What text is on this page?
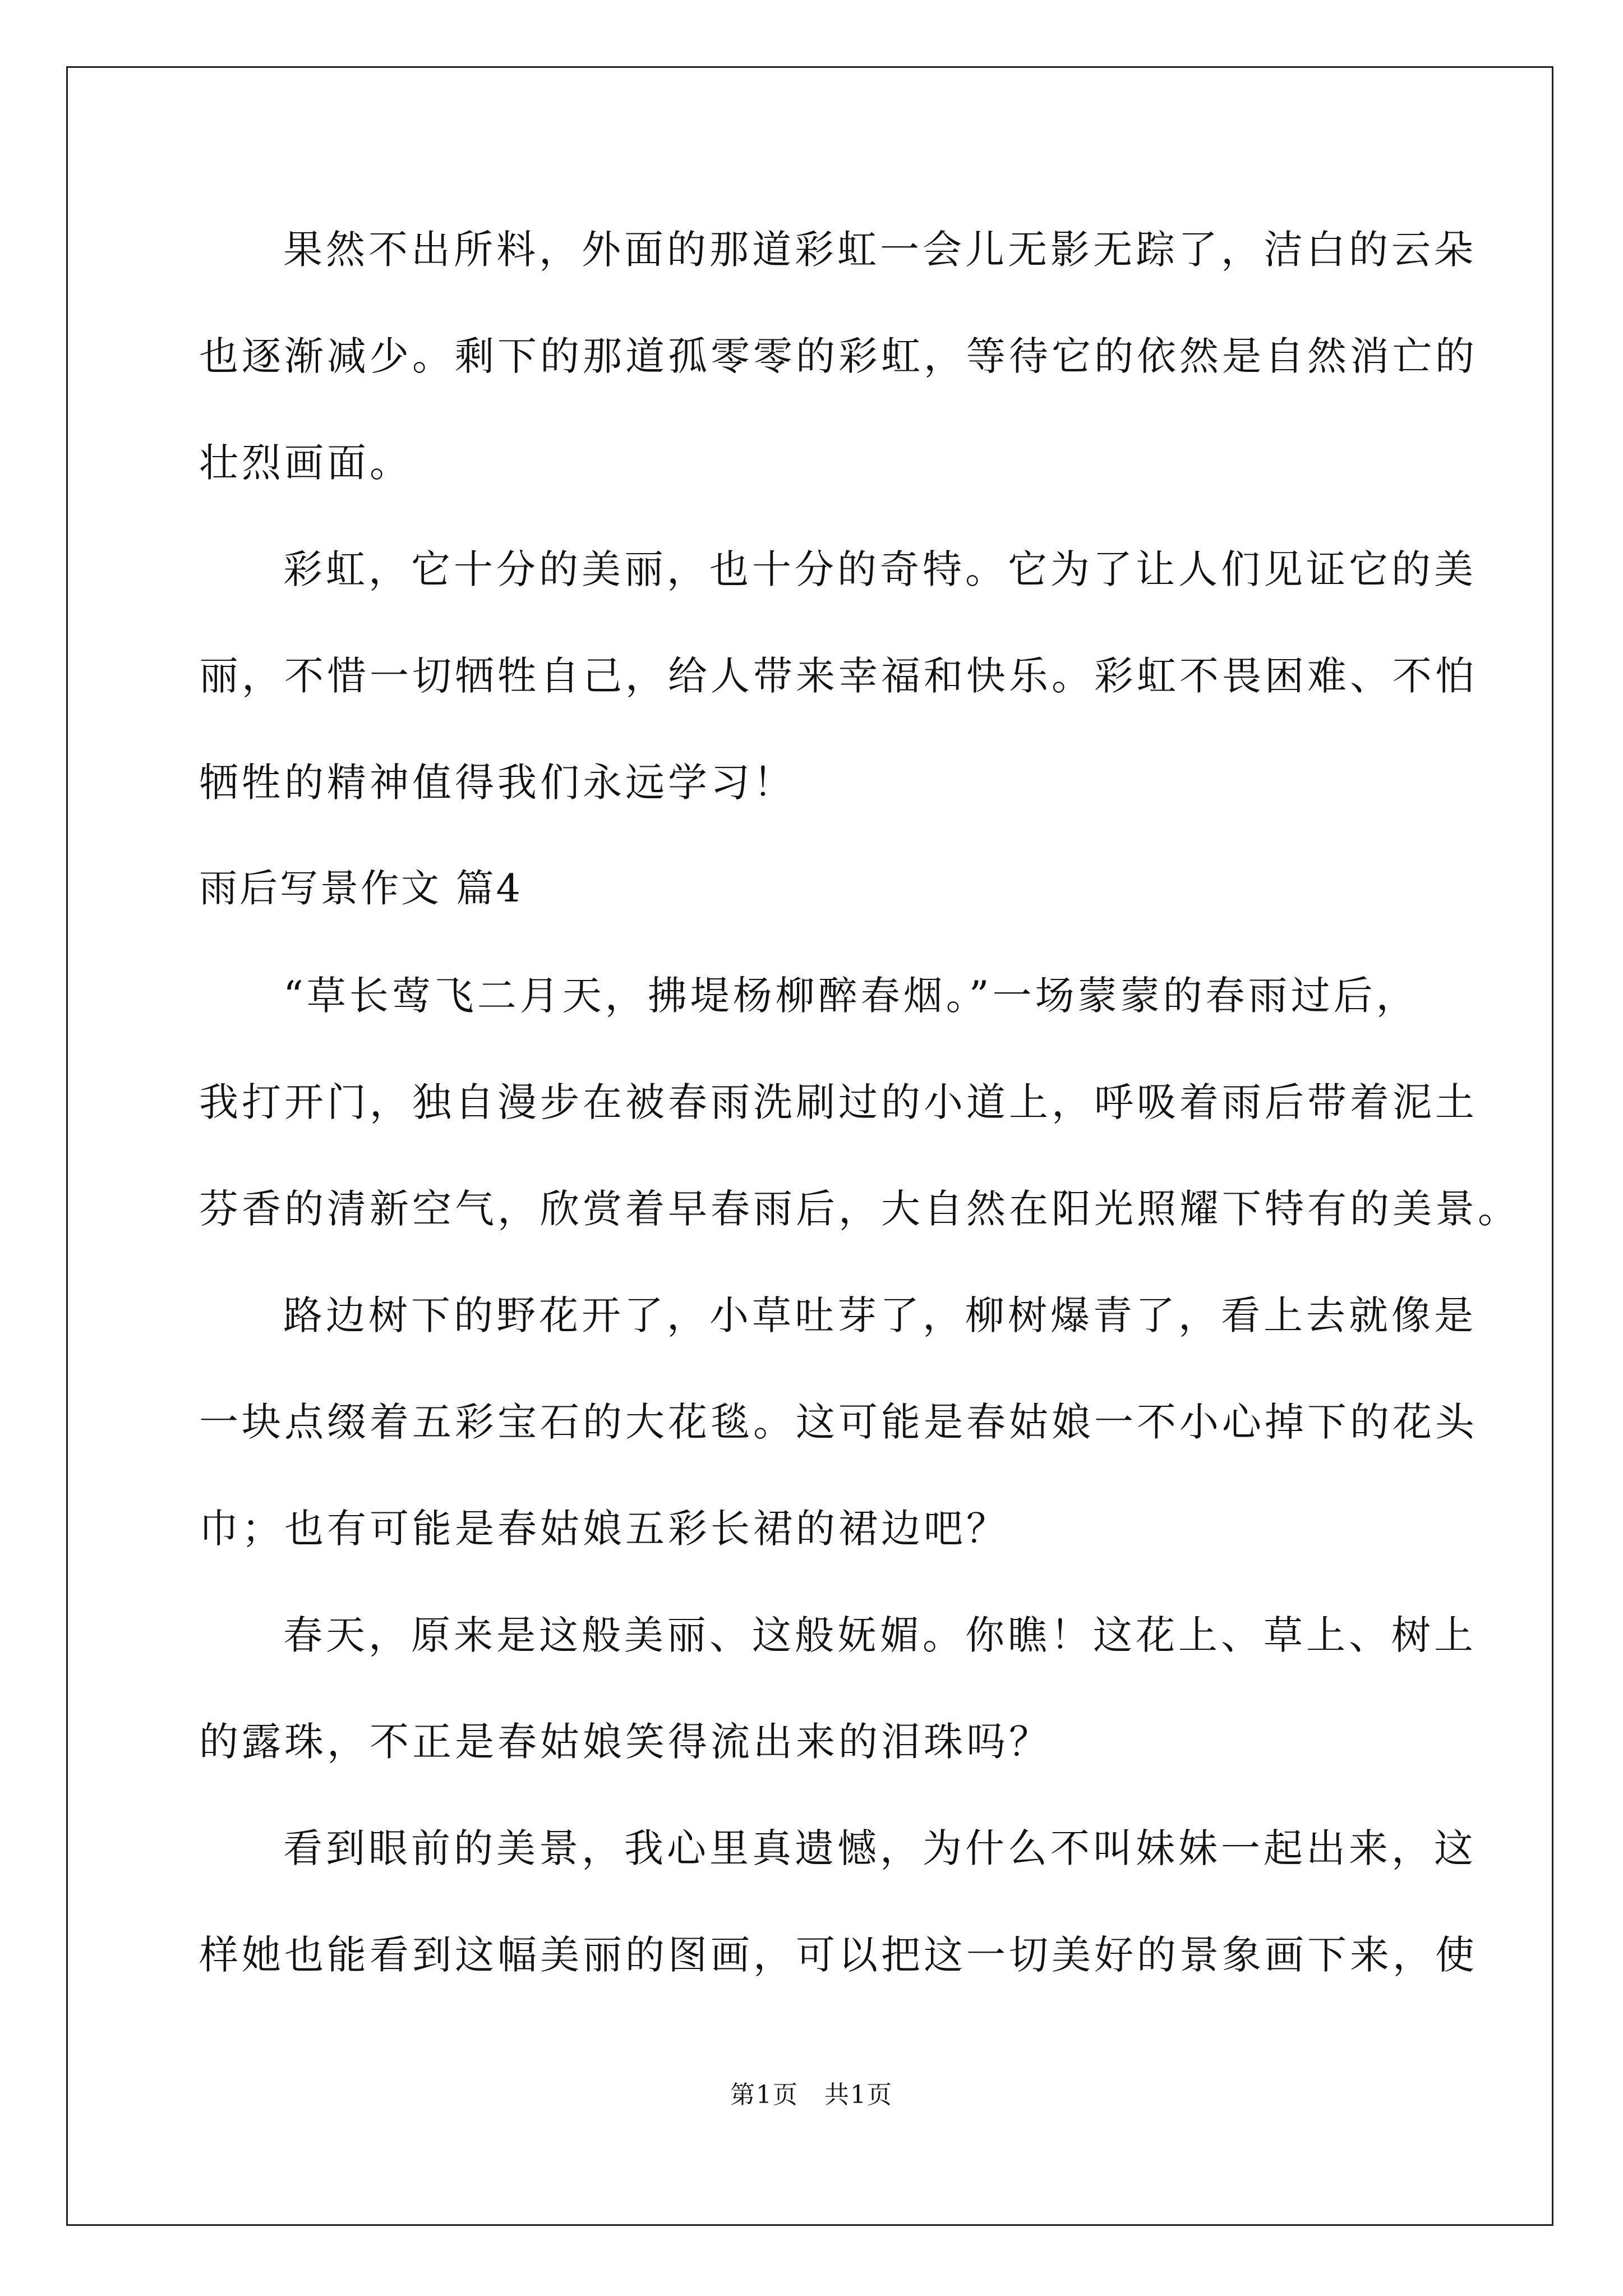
果然不出所料，外面的那道彩虹一会儿无影无踪了，洁白的云朵
也逐渐减少。剩下的那道孤零零的彩虹，等待它的依然是自然消亡的
壮烈画面。
彩虹，它十分的美丽，也十分的奇特。它为了让人们见证它的美
丽，不惜一切牺牲自己，给人带来幸福和快乐。彩虹不畏困难、不怕
牺牲的精神值得我们永远学习！
雨后写景作文 篇4
“草长莺飞二月天，拂堤杨柳醉春烟。”一场蒙蒙的春雨过后，
我打开门，独自漫步在被春雨洗刷过的小道上，呼吸着雨后带着泥土
芬香的清新空气，欣赏着早春雨后，大自然在阳光照耀下特有的美景。
路边树下的野花开了，小草吐芽了，柳树爆青了，看上去就像是
一块点缀着五彩宝石的大花毯。这可能是春姑娘一不小心掉下的花头
巾；也有可能是春姑娘五彩长裙的裙边吧？
春天，原来是这般美丽、这般妩媚。你瞧！这花上、草上、树上
的露珠，不正是春姑娘笑得流出来的泪珠吗？
看到眼前的美景，我心里真遗憾，为什么不叫妹妹一起出来，这
样她也能看到这幅美丽的图画，可以把这一切美好的景象画下来，使
第1页　共1页
